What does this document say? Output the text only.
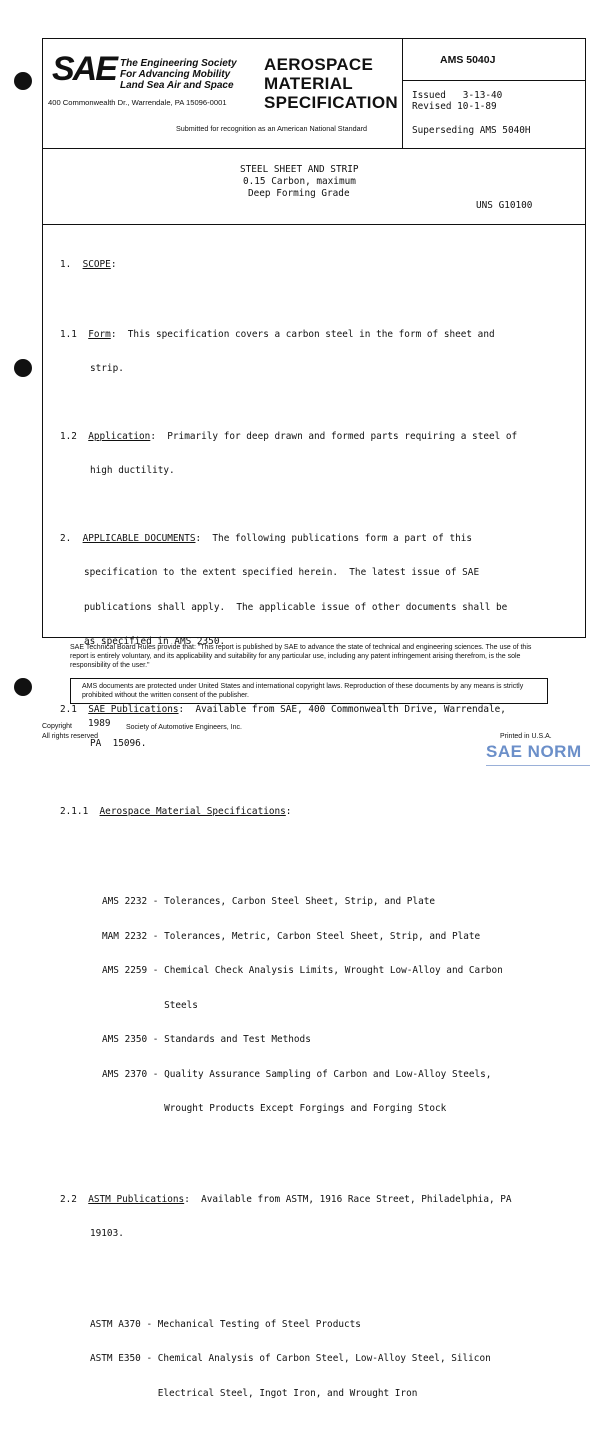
SAE The Engineering Society
For Advancing Mobility
Land Sea Air and Space
400 Commonwealth Dr., Warrendale, PA 15096-0001
AEROSPACE
MATERIAL
SPECIFICATION
Submitted for recognition as an American National Standard
AMS 5040J
Issued   3-13-40
Revised 10-1-89
Superseding AMS 5040H
STEEL SHEET AND STRIP
0.15 Carbon, maximum
Deep Forming Grade
UNS G10100

1. SCOPE:

1.1 Form:  This specification covers a carbon steel in the form of sheet and

strip.

1.2 Application:  Primarily for deep drawn and formed parts requiring a steel of

high ductility.

2. APPLICABLE DOCUMENTS:  The following publications form a part of this

specification to the extent specified herein.  The latest issue of SAE

publications shall apply.  The applicable issue of other documents shall be

as specified in AMS 2350.

2.1 SAE Publications:  Available from SAE, 400 Commonwealth Drive, Warrendale,

PA  15096.

2.1.1 Aerospace Material Specifications:

AMS 2232 - Tolerances, Carbon Steel Sheet, Strip, and Plate

MAM 2232 - Tolerances, Metric, Carbon Steel Sheet, Strip, and Plate

AMS 2259 - Chemical Check Analysis Limits, Wrought Low-Alloy and Carbon

Steels

AMS 2350 - Standards and Test Methods

AMS 2370 - Quality Assurance Sampling of Carbon and Low-Alloy Steels,

Wrought Products Except Forgings and Forging Stock

2.2 ASTM Publications:  Available from ASTM, 1916 Race Street, Philadelphia, PA

19103.

ASTM A370 - Mechanical Testing of Steel Products

ASTM E350 - Chemical Analysis of Carbon Steel, Low-Alloy Steel, Silicon

Electrical Steel, Ingot Iron, and Wrought Iron

SAE Technical Board Rules provide that: "This report is published by SAE to advance the state of technical and engineering sciences. The use of this report is entirely voluntary, and its applicability and suitability for any particular use, including any patent infringement arising therefrom, is the sole responsibility of the user."
AMS documents are protected under United States and international copyright laws. Reproduction of these documents by any means is strictly prohibited without the written consent of the publisher.
Copyright 1989 Society of Automotive Engineers, Inc.
All rights reserved	Printed in U.S.A.
SAE NORM
